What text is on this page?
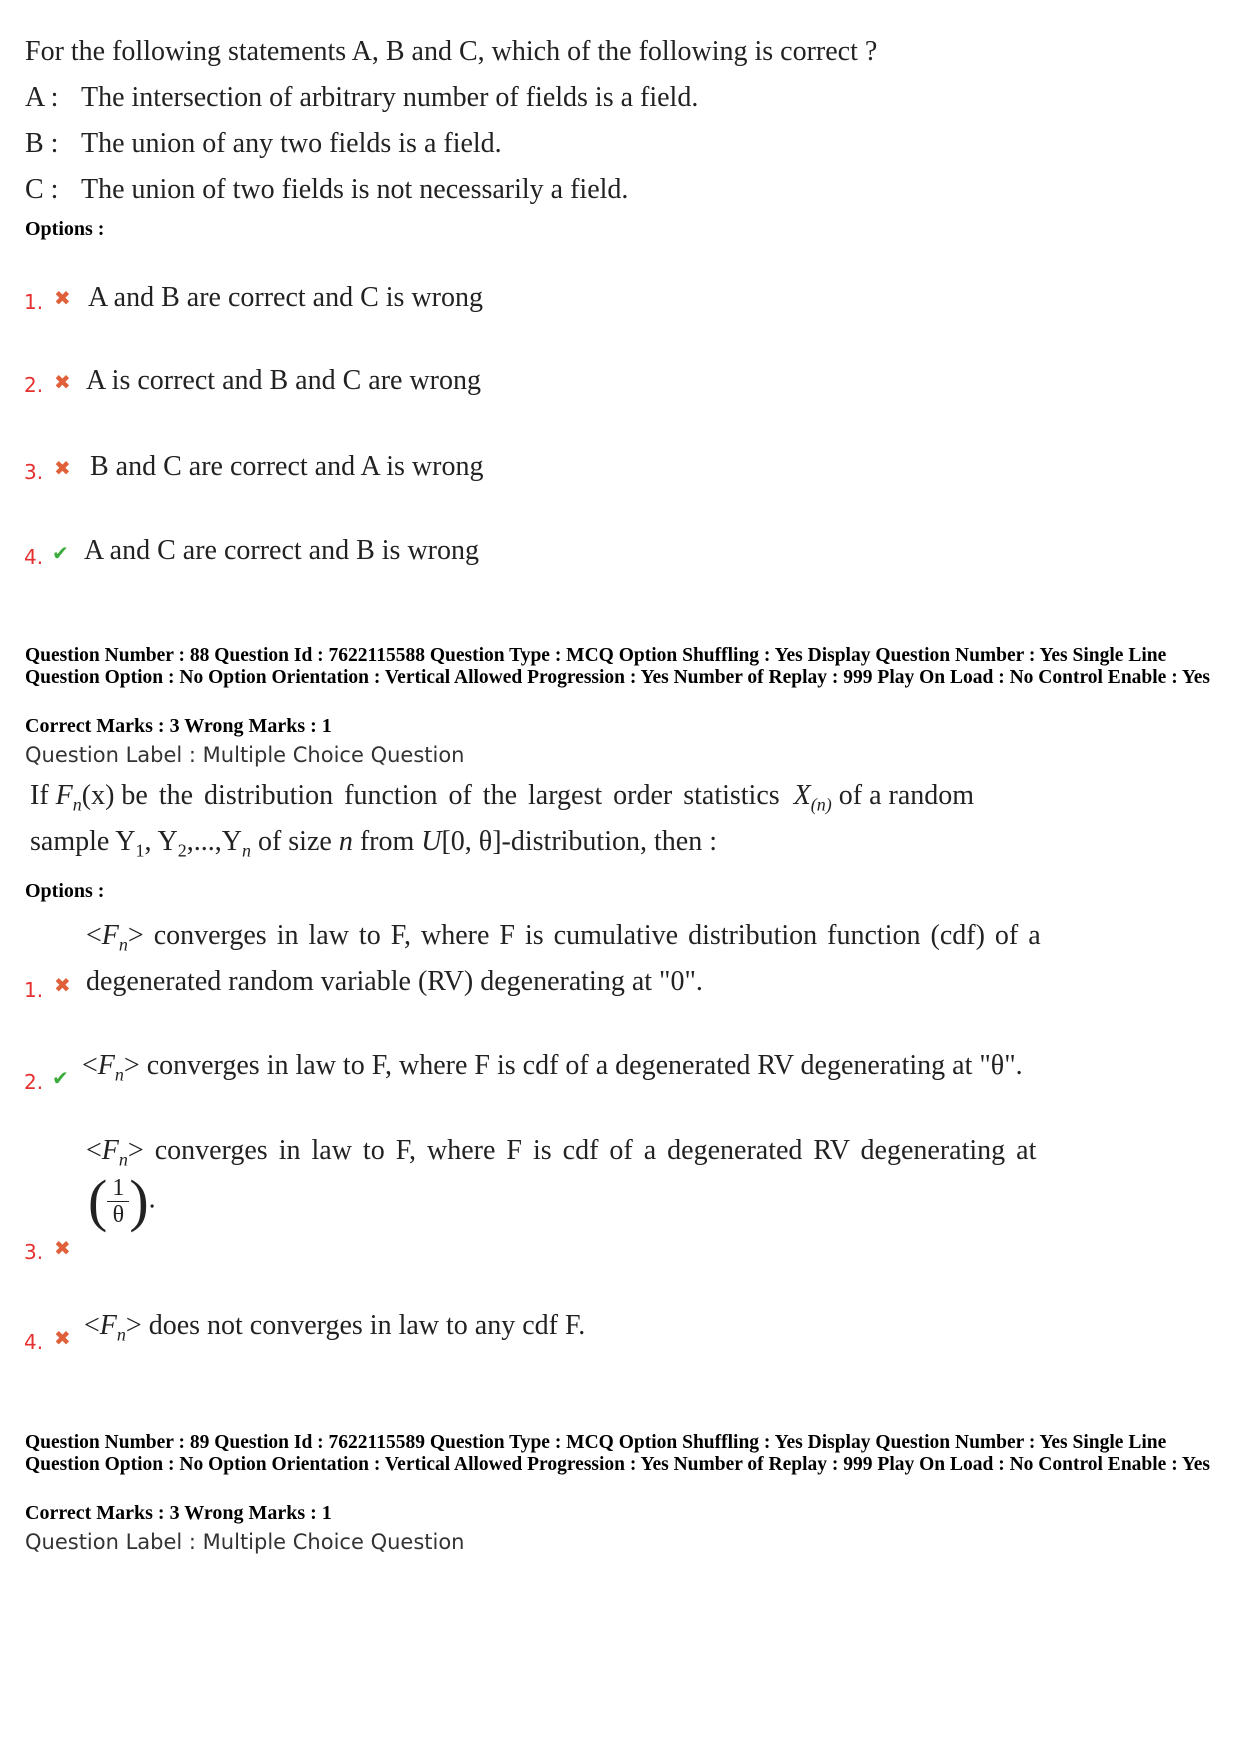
For the following statements A, B and C, which of the following is correct ?
A : The intersection of arbitrary number of fields is a field.
B : The union of any two fields is a field.
C : The union of two fields is not necessarily a field.
Options :
1. ✖ A and B are correct and C is wrong
2. ✖ A is correct and B and C are wrong
3. ✖ B and C are correct and A is wrong
4. ✔ A and C are correct and B is wrong
Question Number : 88 Question Id : 7622115588 Question Type : MCQ Option Shuffling : Yes Display Question Number : Yes Single Line Question Option : No Option Orientation : Vertical Allowed Progression : Yes Number of Replay : 999 Play On Load : No Control Enable : Yes
Correct Marks : 3 Wrong Marks : 1
Question Label : Multiple Choice Question
If $F_n(x)$ be the distribution function of the largest order statistics $X_{(n)}$ of a random
sample $Y_1$, $Y_2,...,Y_n$ of size n from U[0, θ]-distribution, then :
Options :
$<F_n>$ converges in law to F, where F is cumulative distribution function (cdf) of a
1. ✖ degenerated random variable (RV) degenerating at "0".
2. ✔ $<F_n>$ converges in law to F, where F is cdf of a degenerated RV degenerating at "θ".
$<F_n>$ converges in law to F, where F is cdf of a degenerated RV degenerating at
( $\frac{1}{\theta}$ ).
3. ✖
4. ✖ $<F_n>$ does not converges in law to any cdf F.
Question Number : 89 Question Id : 7622115589 Question Type : MCQ Option Shuffling : Yes Display Question Number : Yes Single Line Question Option : No Option Orientation : Vertical Allowed Progression : Yes Number of Replay : 999 Play On Load : No Control Enable : Yes
Correct Marks : 3 Wrong Marks : 1
Question Label : Multiple Choice Question
